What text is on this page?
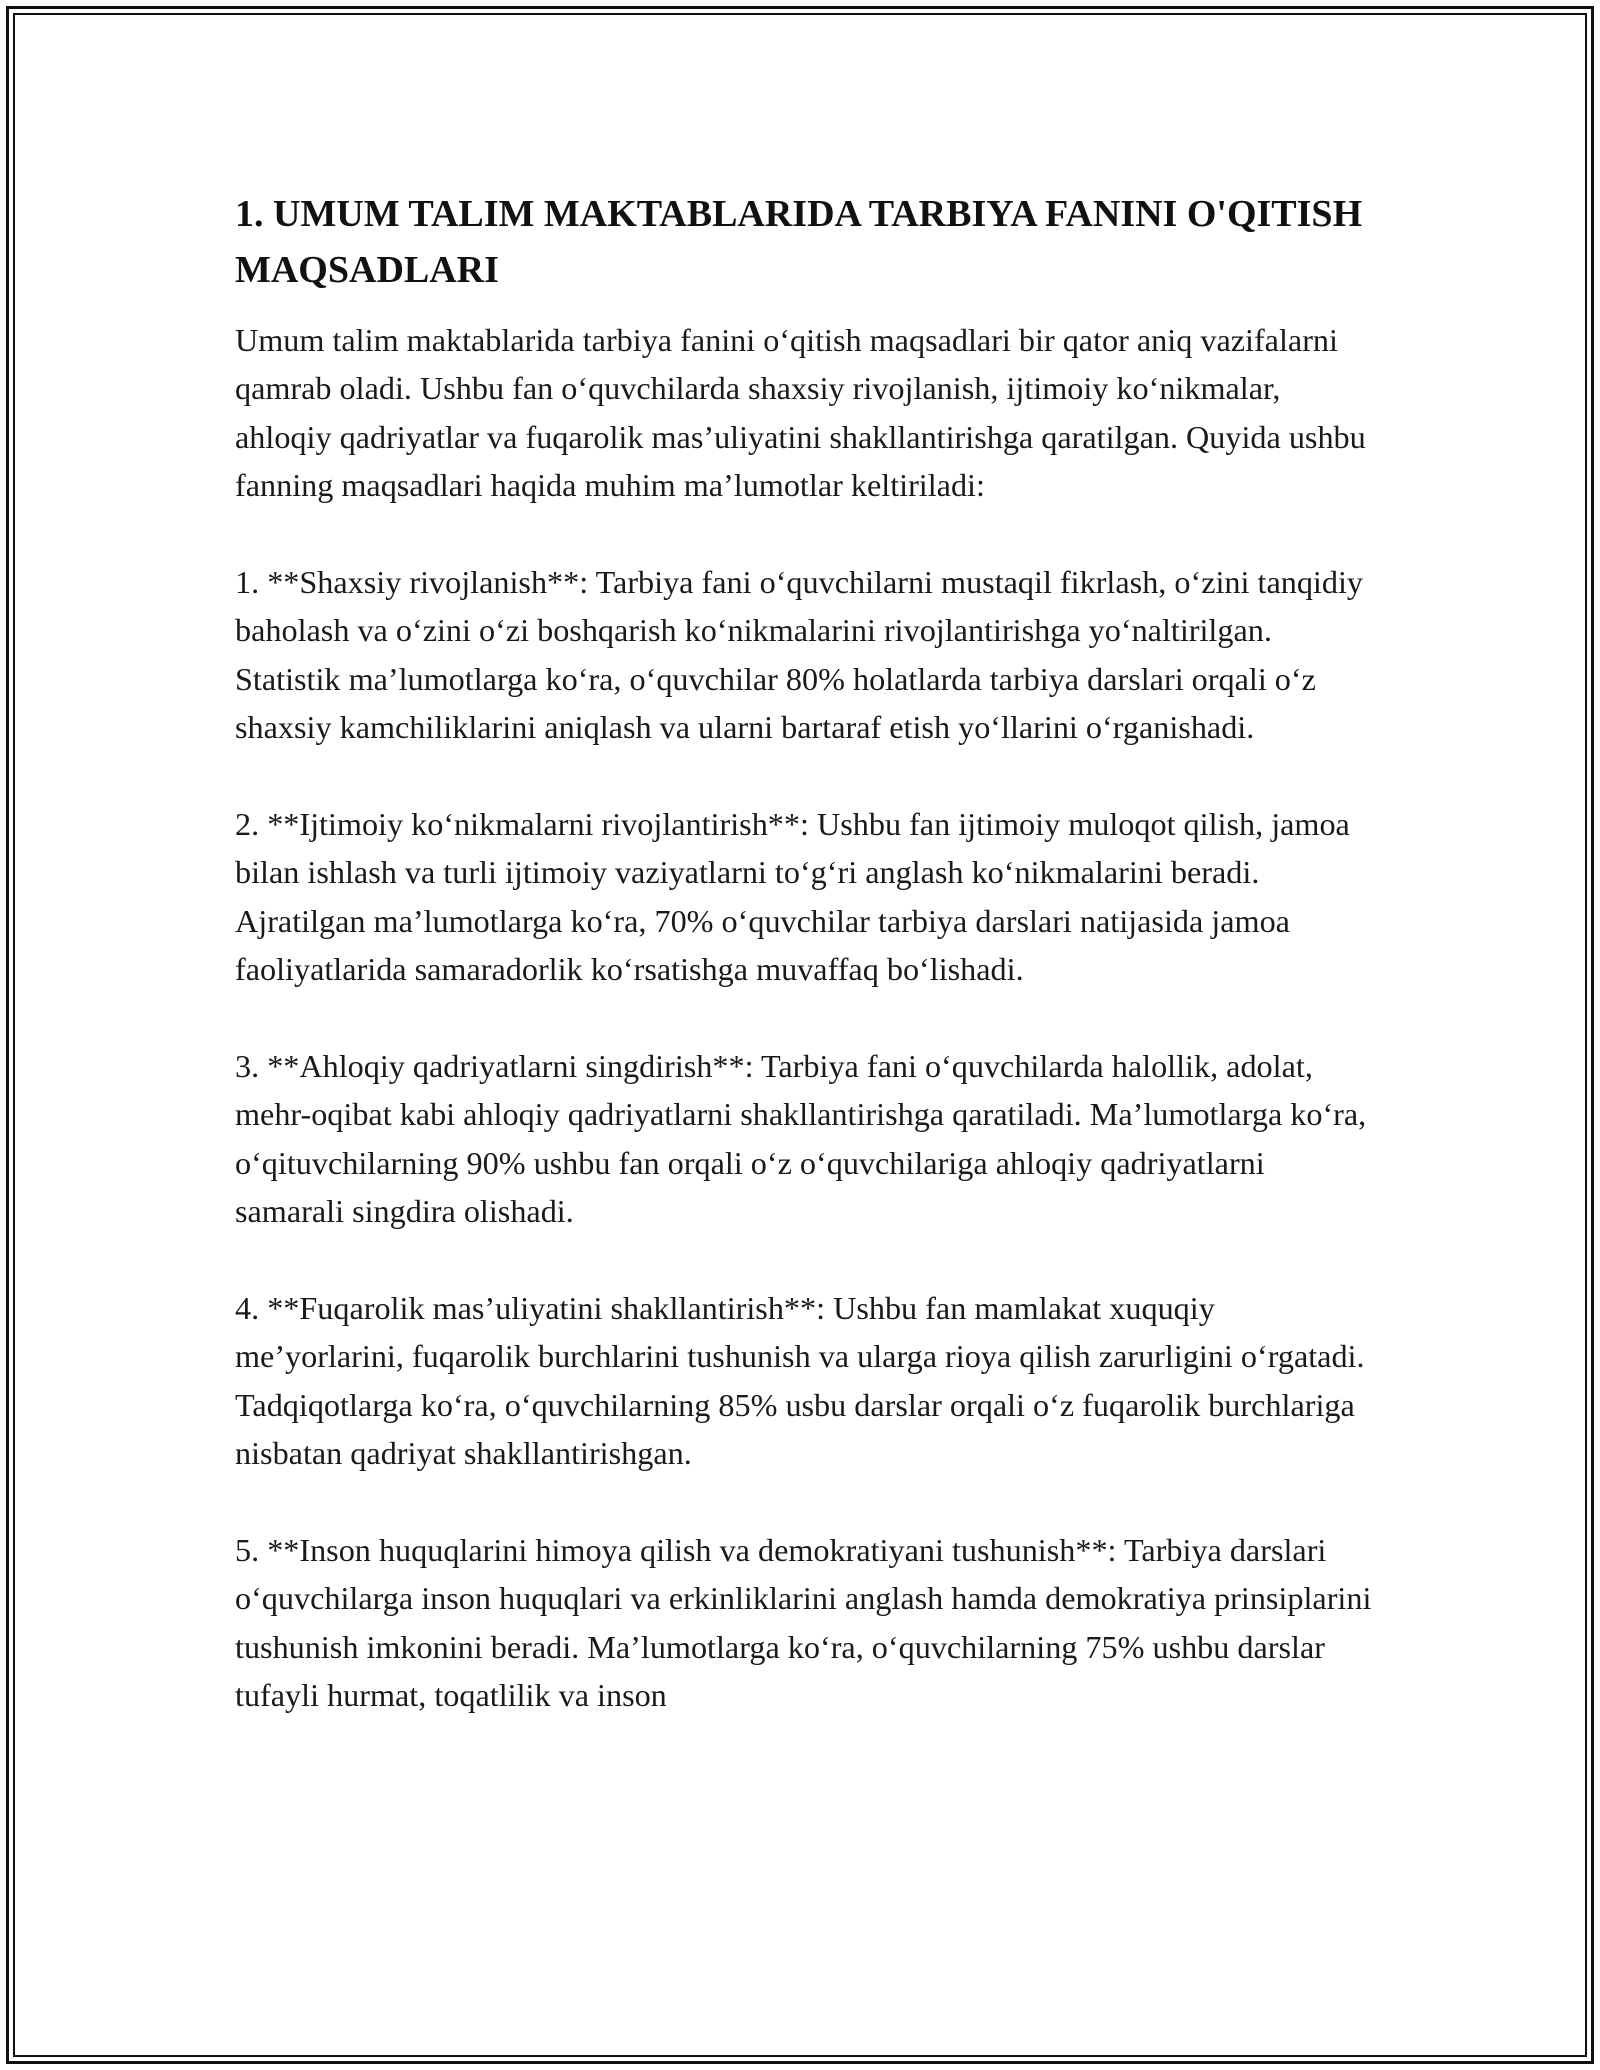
1. UMUM TALIM MAKTABLARIDA TARBIYA FANINI O'QITISH MAQSADLARI

Umum talim maktablarida tarbiya fanini o‘qitish maqsadlari bir qator aniq vazifalarni qamrab oladi. Ushbu fan o‘quvchilarda shaxsiy rivojlanish, ijtimoiy ko‘nikmalar, ahloqiy qadriyatlar va fuqarolik mas’uliyatini shakllantirishga qaratilgan. Quyida ushbu fanning maqsadlari haqida muhim ma’lumotlar keltiriladi:

1. **Shaxsiy rivojlanish**: Tarbiya fani o‘quvchilarni mustaqil fikrlash, o‘zini tanqidiy baholash va o‘zini o‘zi boshqarish ko‘nikmalarini rivojlantirishga yo‘naltirilgan. Statistik ma’lumotlarga ko‘ra, o‘quvchilar 80% holatlarda tarbiya darslari orqali o‘z shaxsiy kamchiliklarini aniqlash va ularni bartaraf etish yo‘llarini o‘rganishadi.

2. **Ijtimoiy ko‘nikmalarni rivojlantirish**: Ushbu fan ijtimoiy muloqot qilish, jamoa bilan ishlash va turli ijtimoiy vaziyatlarni to‘g‘ri anglash ko‘nikmalarini beradi. Ajratilgan ma’lumotlarga ko‘ra, 70% o‘quvchilar tarbiya darslari natijasida jamoa faoliyatlarida samaradorlik ko‘rsatishga muvaffaq bo‘lishadi.

3. **Ahloqiy qadriyatlarni singdirish**: Tarbiya fani o‘quvchilarda halollik, adolat, mehr-oqibat kabi ahloqiy qadriyatlarni shakllantirishga qaratiladi. Ma’lumotlarga ko‘ra, o‘qituvchilarning 90% ushbu fan orqali o‘z o‘quvchilariga ahloqiy qadriyatlarni samarali singdira olishadi.

4. **Fuqarolik mas’uliyatini shakllantirish**: Ushbu fan mamlakat xuquqiy me’yorlarini, fuqarolik burchlarini tushunish va ularga rioya qilish zarurligini o‘rgatadi. Tadqiqotlarga ko‘ra, o‘quvchilarning 85% usbu darslar orqali o‘z fuqarolik burchlariga nisbatan qadriyat shakllantirishgan.

5. **Inson huquqlarini himoya qilish va demokratiyani tushunish**: Tarbiya darslari o‘quvchilarga inson huquqlari va erkinliklarini anglash hamda demokratiya prinsiplarini tushunish imkonini beradi. Ma’lumotlarga ko‘ra, o‘quvchilarning 75% ushbu darslar tufayli hurmat, toqatlilik va inson
